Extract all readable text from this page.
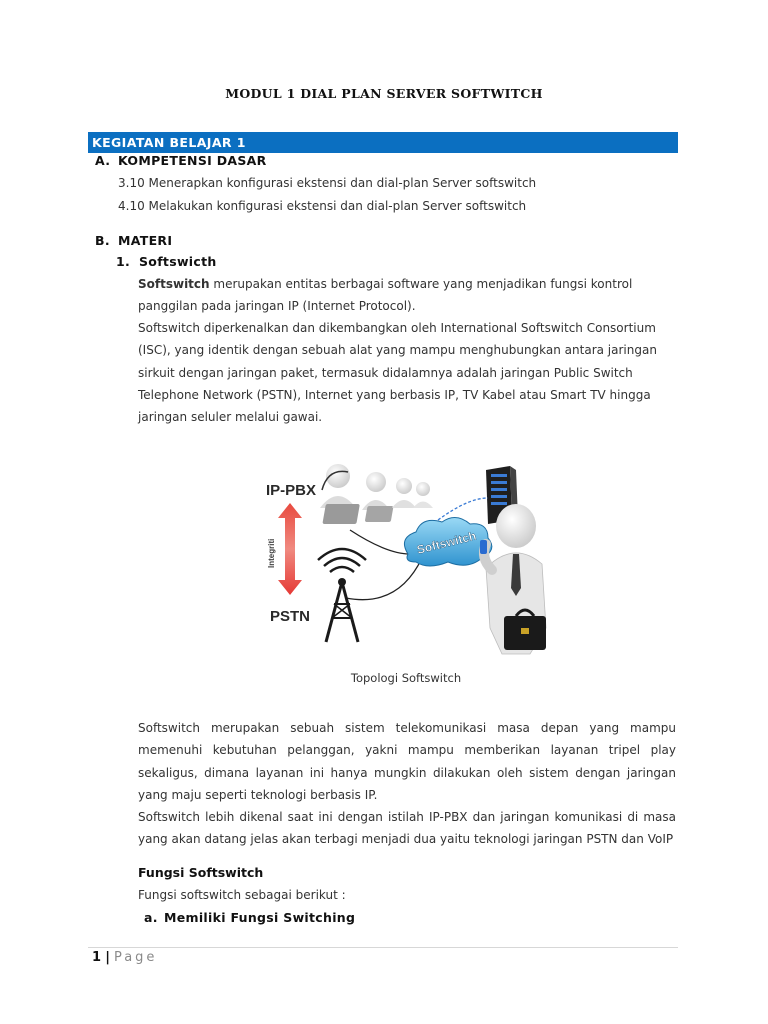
MODUL 1 DIAL PLAN SERVER SOFTWITCH
KEGIATAN BELAJAR 1
A. KOMPETENSI DASAR
3.10 Menerapkan konfigurasi ekstensi dan dial-plan Server softswitch
4.10 Melakukan konfigurasi ekstensi dan dial-plan Server softswitch
B. MATERI
1. Softswicth

Softswitch merupakan entitas berbagai software yang menjadikan fungsi kontrol panggilan pada jaringan IP (Internet Protocol).

Softswitch diperkenalkan dan dikembangkan oleh International Softswitch Consortium (ISC), yang identik dengan sebuah alat yang mampu menghubungkan antara jaringan sirkuit dengan jaringan paket, termasuk didalamnya adalah jaringan Public Switch Telephone Network (PSTN), Internet yang berbasis IP, TV Kabel atau Smart TV hingga jaringan seluler melalui gawai.

IP-PBX
PSTN
Integriti	Softswitch
Topologi Softswitch

Softswitch merupakan sebuah sistem telekomunikasi masa depan yang mampu memenuhi kebutuhan pelanggan, yakni mampu memberikan layanan tripel play sekaligus, dimana layanan ini hanya mungkin dilakukan oleh sistem dengan jaringan yang maju seperti teknologi berbasis IP.

Softswitch lebih dikenal saat ini dengan istilah IP-PBX dan jaringan komunikasi di masa yang akan datang jelas akan terbagi menjadi dua yaitu teknologi jaringan PSTN dan VoIP

Fungsi Softswitch
Fungsi softswitch sebagai berikut :
a. Memiliki Fungsi Switching
1 | Page
